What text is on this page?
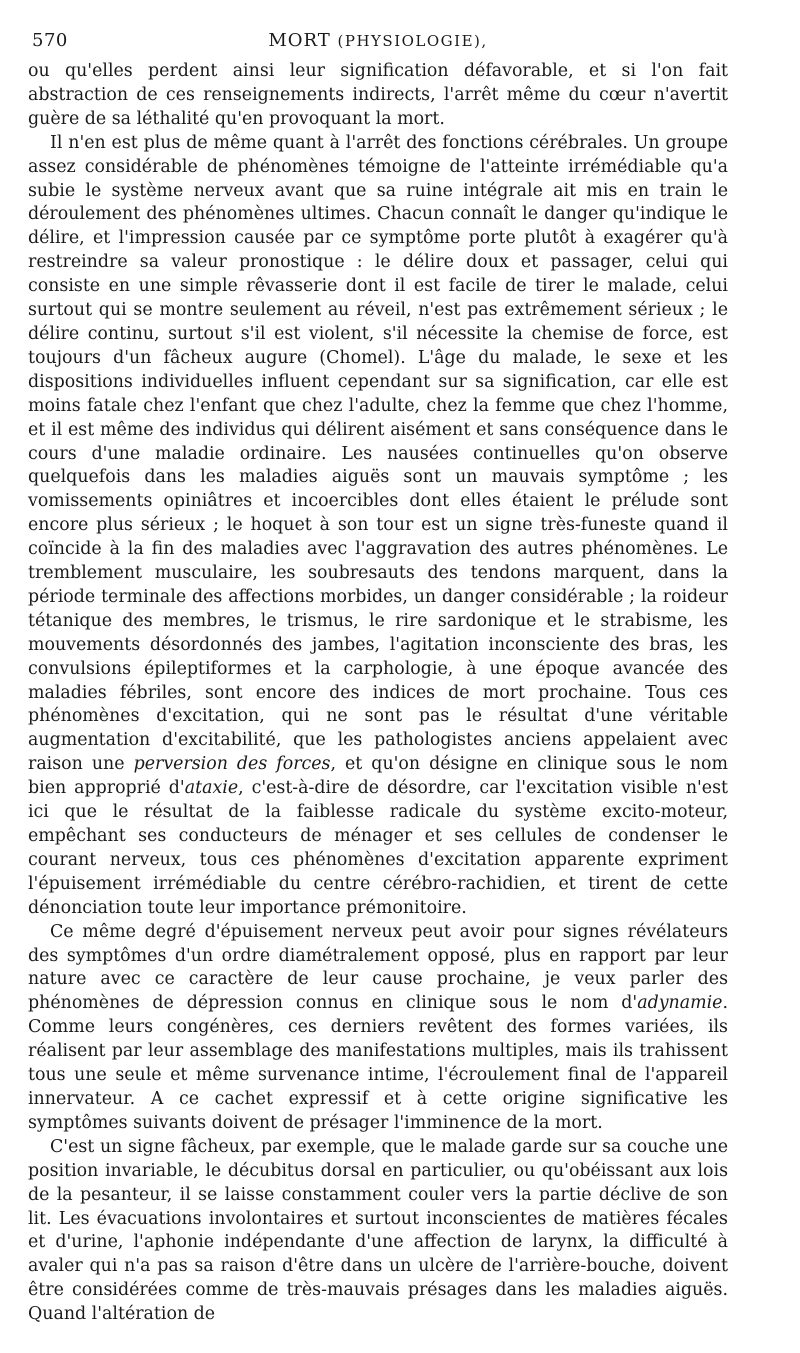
570	MORT (PHYSIOLOGIE),

ou qu'elles perdent ainsi leur signification défavorable, et si l'on fait abstraction de ces renseignements indirects, l'arrêt même du cœur n'avertit guère de sa léthalité qu'en provoquant la mort.

Il n'en est plus de même quant à l'arrêt des fonctions cérébrales. Un groupe assez considérable de phénomènes témoigne de l'atteinte irrémédiable qu'a subie le système nerveux avant que sa ruine intégrale ait mis en train le déroulement des phénomènes ultimes. Chacun connaît le danger qu'indique le délire, et l'impression causée par ce symptôme porte plutôt à exagérer qu'à restreindre sa valeur pronostique : le délire doux et passager, celui qui consiste en une simple rêvasserie dont il est facile de tirer le malade, celui surtout qui se montre seulement au réveil, n'est pas extrêmement sérieux ; le délire continu, surtout s'il est violent, s'il nécessite la chemise de force, est toujours d'un fâcheux augure (Chomel). L'âge du malade, le sexe et les dispositions individuelles influent cependant sur sa signification, car elle est moins fatale chez l'enfant que chez l'adulte, chez la femme que chez l'homme, et il est même des individus qui délirent aisément et sans conséquence dans le cours d'une maladie ordinaire. Les nausées continuelles qu'on observe quelquefois dans les maladies aiguës sont un mauvais symptôme ; les vomissements opiniâtres et incoercibles dont elles étaient le prélude sont encore plus sérieux ; le hoquet à son tour est un signe très-funeste quand il coïncide à la fin des maladies avec l'aggravation des autres phénomènes. Le tremblement musculaire, les soubresauts des tendons marquent, dans la période terminale des affections morbides, un danger considérable ; la roideur tétanique des membres, le trismus, le rire sardonique et le strabisme, les mouvements désordonnés des jambes, l'agitation inconsciente des bras, les convulsions épileptiformes et la carphologie, à une époque avancée des maladies fébriles, sont encore des indices de mort prochaine. Tous ces phénomènes d'excitation, qui ne sont pas le résultat d'une véritable augmentation d'excitabilité, que les pathologistes anciens appelaient avec raison une perversion des forces, et qu'on désigne en clinique sous le nom bien approprié d'ataxie, c'est-à-dire de désordre, car l'excitation visible n'est ici que le résultat de la faiblesse radicale du système excito-moteur, empêchant ses conducteurs de ménager et ses cellules de condenser le courant nerveux, tous ces phénomènes d'excitation apparente expriment l'épuisement irrémédiable du centre cérébro-rachidien, et tirent de cette dénonciation toute leur importance prémonitoire.

Ce même degré d'épuisement nerveux peut avoir pour signes révélateurs des symptômes d'un ordre diamétralement opposé, plus en rapport par leur nature avec ce caractère de leur cause prochaine, je veux parler des phénomènes de dépression connus en clinique sous le nom d'adynamie. Comme leurs congénères, ces derniers revêtent des formes variées, ils réalisent par leur assemblage des manifestations multiples, mais ils trahissent tous une seule et même survenance intime, l'écroulement final de l'appareil innervateur. A ce cachet expressif et à cette origine significative les symptômes suivants doivent de présager l'imminence de la mort.

C'est un signe fâcheux, par exemple, que le malade garde sur sa couche une position invariable, le décubitus dorsal en particulier, ou qu'obéissant aux lois de la pesanteur, il se laisse constamment couler vers la partie déclive de son lit. Les évacuations involontaires et surtout inconscientes de matières fécales et d'urine, l'aphonie indépendante d'une affection de larynx, la difficulté à avaler qui n'a pas sa raison d'être dans un ulcère de l'arrière-bouche, doivent être considérées comme de très-mauvais présages dans les maladies aiguës. Quand l'altération de
